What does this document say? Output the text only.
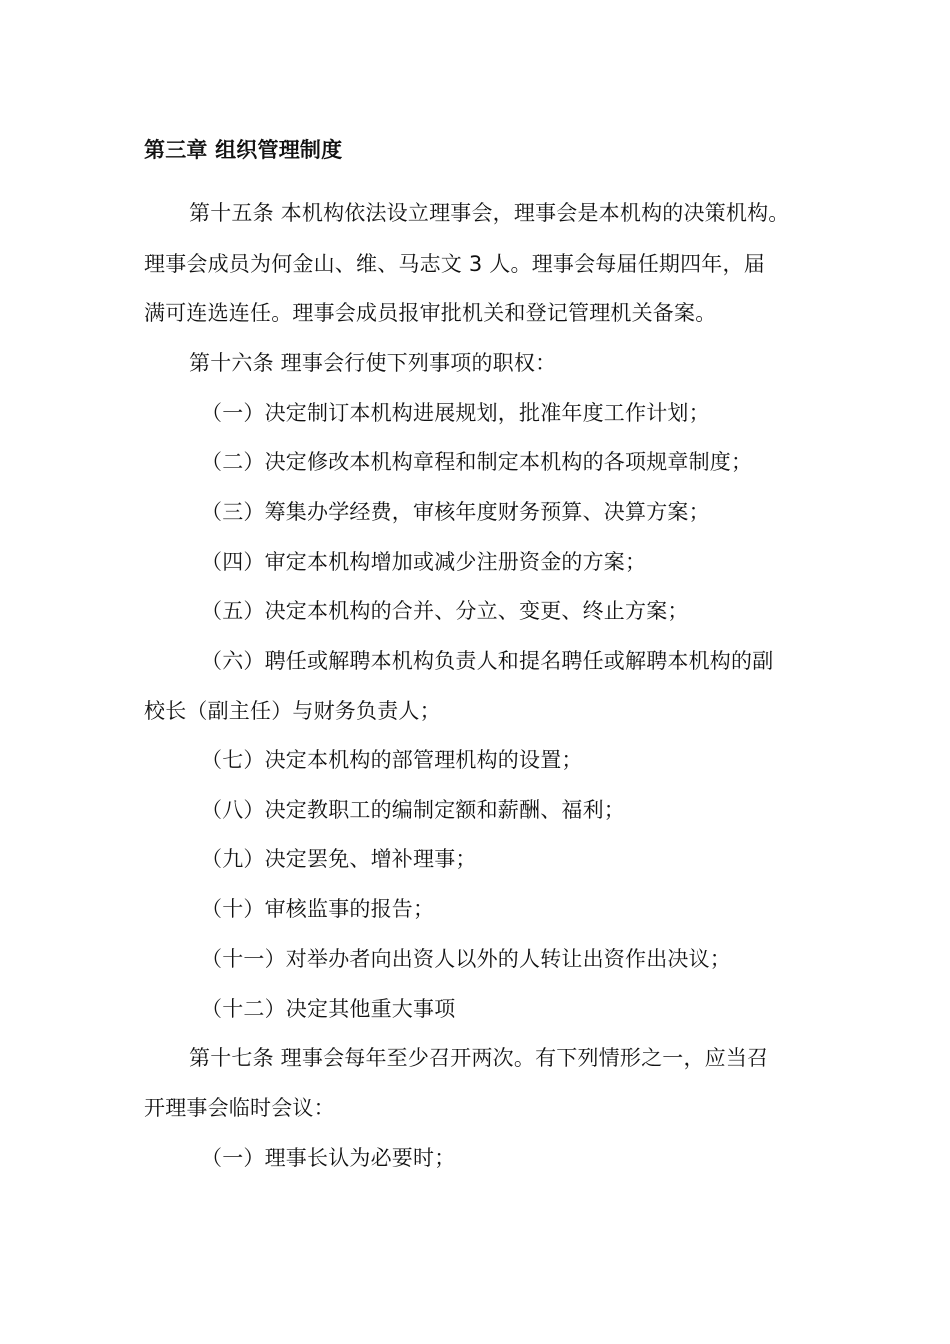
第三章 组织管理制度
第十五条 本机构依法设立理事会，理事会是本机构的决策机构。
理事会成员为何金山、维、马志文 3 人。理事会每届任期四年，届
满可连选连任。理事会成员报审批机关和登记管理机关备案。
第十六条 理事会行使下列事项的职权：
（一）决定制订本机构进展规划，批准年度工作计划；
（二）决定修改本机构章程和制定本机构的各项规章制度；
（三）筹集办学经费，审核年度财务预算、决算方案；
（四）审定本机构增加或减少注册资金的方案；
（五）决定本机构的合并、分立、变更、终止方案；
（六）聘任或解聘本机构负责人和提名聘任或解聘本机构的副
校长（副主任）与财务负责人；
（七）决定本机构的部管理机构的设置；
（八）决定教职工的编制定额和薪酬、福利；
（九）决定罢免、增补理事；
（十）审核监事的报告；
（十一）对举办者向出资人以外的人转让出资作出决议；
（十二）决定其他重大事项
第十七条 理事会每年至少召开两次。有下列情形之一，应当召
开理事会临时会议：
（一）理事长认为必要时；
